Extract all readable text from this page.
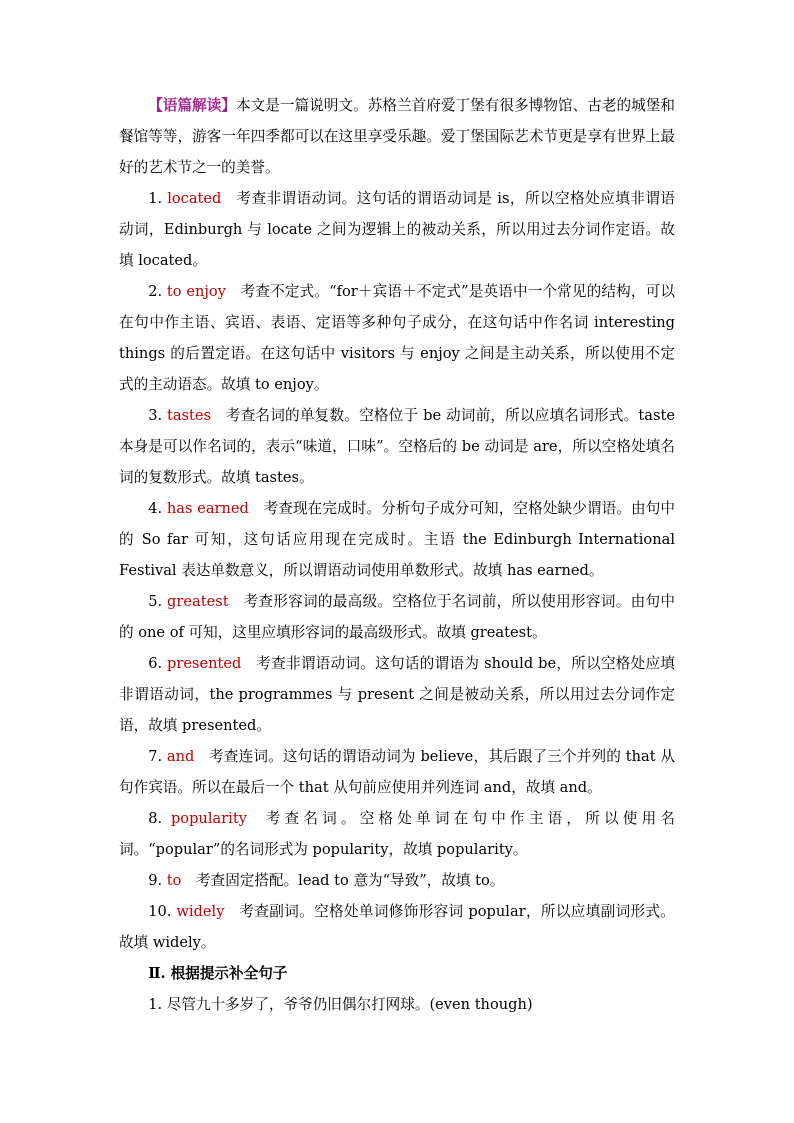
【语篇解读】本文是一篇说明文。苏格兰首府爱丁堡有很多博物馆、古老的城堡和餐馆等等，游客一年四季都可以在这里享受乐趣。爱丁堡国际艺术节更是享有世界上最好的艺术节之一的美誉。

1. located 考查非谓语动词。这句话的谓语动词是 is，所以空格处应填非谓语动词，Edinburgh 与 locate 之间为逻辑上的被动关系，所以用过去分词作定语。故填 located。

2. to enjoy 考查不定式。“for＋宾语＋不定式”是英语中一个常见的结构，可以在句中作主语、宾语、表语、定语等多种句子成分，在这句话中作名词 interesting things 的后置定语。在这句话中 visitors 与 enjoy 之间是主动关系，所以使用不定式的主动语态。故填 to enjoy。

3. tastes 考查名词的单复数。空格位于 be 动词前，所以应填名词形式。taste 本身是可以作名词的，表示“味道，口味”。空格后的 be 动词是 are，所以空格处填名词的复数形式。故填 tastes。

4. has earned 考查现在完成时。分析句子成分可知，空格处缺少谓语。由句中的 So far 可知，这句话应用现在完成时。主语 the Edinburgh International Festival 表达单数意义，所以谓语动词使用单数形式。故填 has earned。

5. greatest 考查形容词的最高级。空格位于名词前，所以使用形容词。由句中的 one of 可知，这里应填形容词的最高级形式。故填 greatest。

6. presented 考查非谓语动词。这句话的谓语为 should be，所以空格处应填非谓语动词，the programmes 与 present 之间是被动关系，所以用过去分词作定语，故填 presented。

7. and 考查连词。这句话的谓语动词为 believe，其后跟了三个并列的 that 从句作宾语。所以在最后一个 that 从句前应使用并列连词 and，故填 and。

8. popularity 考查名词。空格处单词在句中作主语，所以使用名词。“popular”的名词形式为 popularity，故填 popularity。

9. to 考查固定搭配。lead to 意为“导致”，故填 to。

10. widely 考查副词。空格处单词修饰形容词 popular，所以应填副词形式。故填 widely。

Ⅱ. 根据提示补全句子

1. 尽管九十多岁了，爷爷仍旧偶尔打网球。(even though)
